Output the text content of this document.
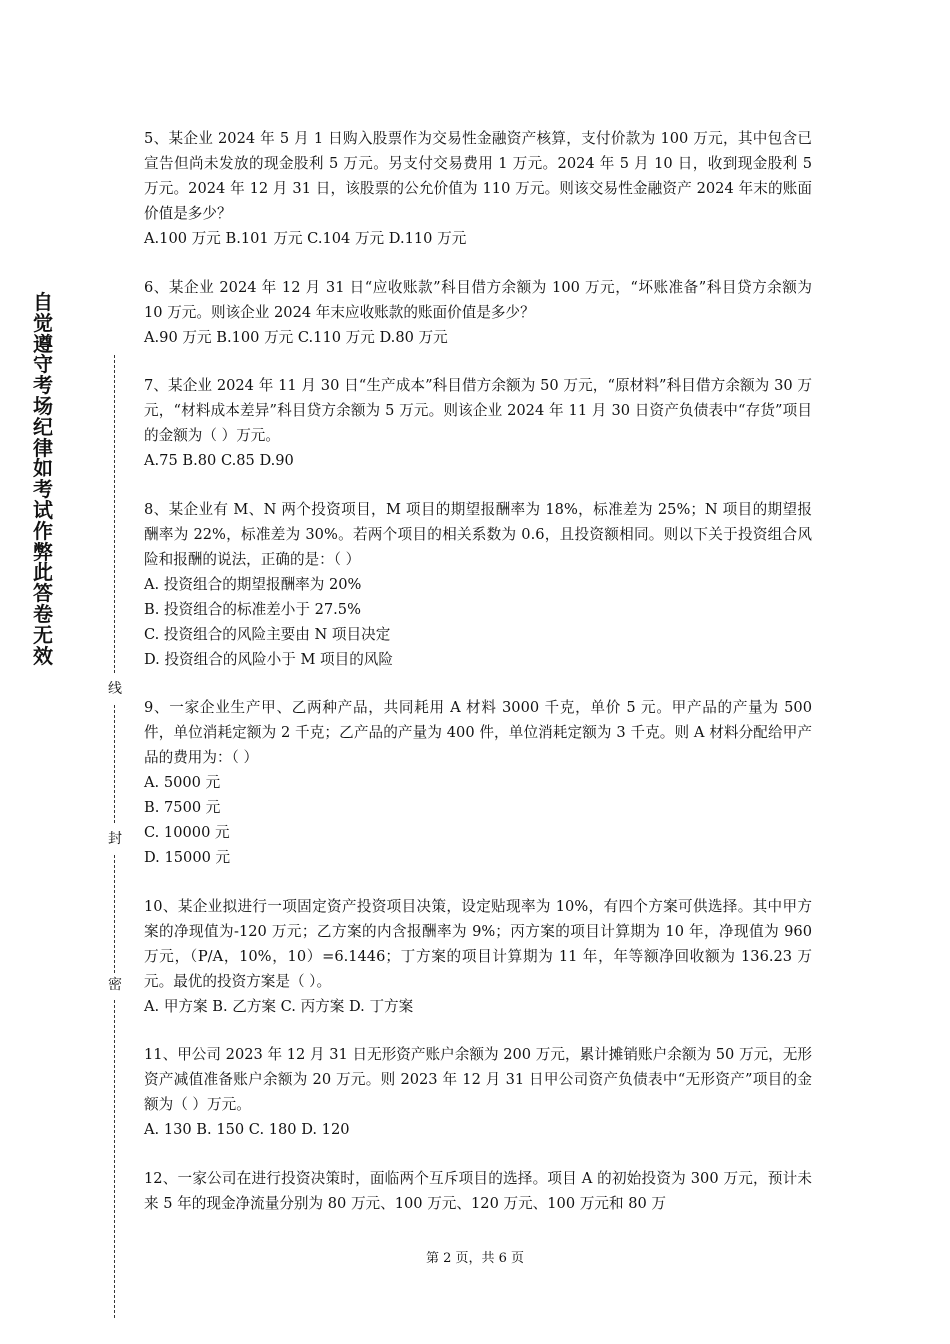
自觉遵守考场纪律如考试作弊此答卷无效
线
封
密

5、某企业 2024 年 5 月 1 日购入股票作为交易性金融资产核算，支付价款为 100 万元，其中包含已宣告但尚未发放的现金股利 5 万元。另支付交易费用 1 万元。2024 年 5 月 10 日，收到现金股利 5 万元。2024 年 12 月 31 日，该股票的公允价值为 110 万元。则该交易性金融资产 2024 年末的账面价值是多少？

A.100 万元 B.101 万元 C.104 万元 D.110 万元

6、某企业 2024 年 12 月 31 日“应收账款”科目借方余额为 100 万元，“坏账准备”科目贷方余额为 10 万元。则该企业 2024 年末应收账款的账面价值是多少？

A.90 万元 B.100 万元 C.110 万元 D.80 万元

7、某企业 2024 年 11 月 30 日“生产成本”科目借方余额为 50 万元，“原材料”科目借方余额为 30 万元，“材料成本差异”科目贷方余额为 5 万元。则该企业 2024 年 11 月 30 日资产负债表中“存货”项目的金额为（ ）万元。

A.75 B.80 C.85 D.90

8、某企业有 M、N 两个投资项目，M 项目的期望报酬率为 18%，标准差为 25%；N 项目的期望报酬率为 22%，标准差为 30%。若两个项目的相关系数为 0.6，且投资额相同。则以下关于投资组合风险和报酬的说法，正确的是：（ ）

A. 投资组合的期望报酬率为 20%
B. 投资组合的标准差小于 27.5%
C. 投资组合的风险主要由 N 项目决定
D. 投资组合的风险小于 M 项目的风险

9、一家企业生产甲、乙两种产品，共同耗用 A 材料 3000 千克，单价 5 元。甲产品的产量为 500 件，单位消耗定额为 2 千克；乙产品的产量为 400 件，单位消耗定额为 3 千克。则 A 材料分配给甲产品的费用为：（ ）

A. 5000 元
B. 7500 元
C. 10000 元
D. 15000 元

10、某企业拟进行一项固定资产投资项目决策，设定贴现率为 10%，有四个方案可供选择。其中甲方案的净现值为-120 万元；乙方案的内含报酬率为 9%；丙方案的项目计算期为 10 年，净现值为 960 万元，（P/A，10%，10）=6.1446；丁方案的项目计算期为 11 年，年等额净回收额为 136.23 万元。最优的投资方案是（ ）。

A. 甲方案 B. 乙方案 C. 丙方案 D. 丁方案

11、甲公司 2023 年 12 月 31 日无形资产账户余额为 200 万元，累计摊销账户余额为 50 万元，无形资产减值准备账户余额为 20 万元。则 2023 年 12 月 31 日甲公司资产负债表中“无形资产”项目的金额为（ ）万元。

A. 130 B. 150 C. 180 D. 120

12、一家公司在进行投资决策时，面临两个互斥项目的选择。项目 A 的初始投资为 300 万元，预计未来 5 年的现金净流量分别为 80 万元、100 万元、120 万元、100 万元和 80 万

第 2 页，共 6 页
